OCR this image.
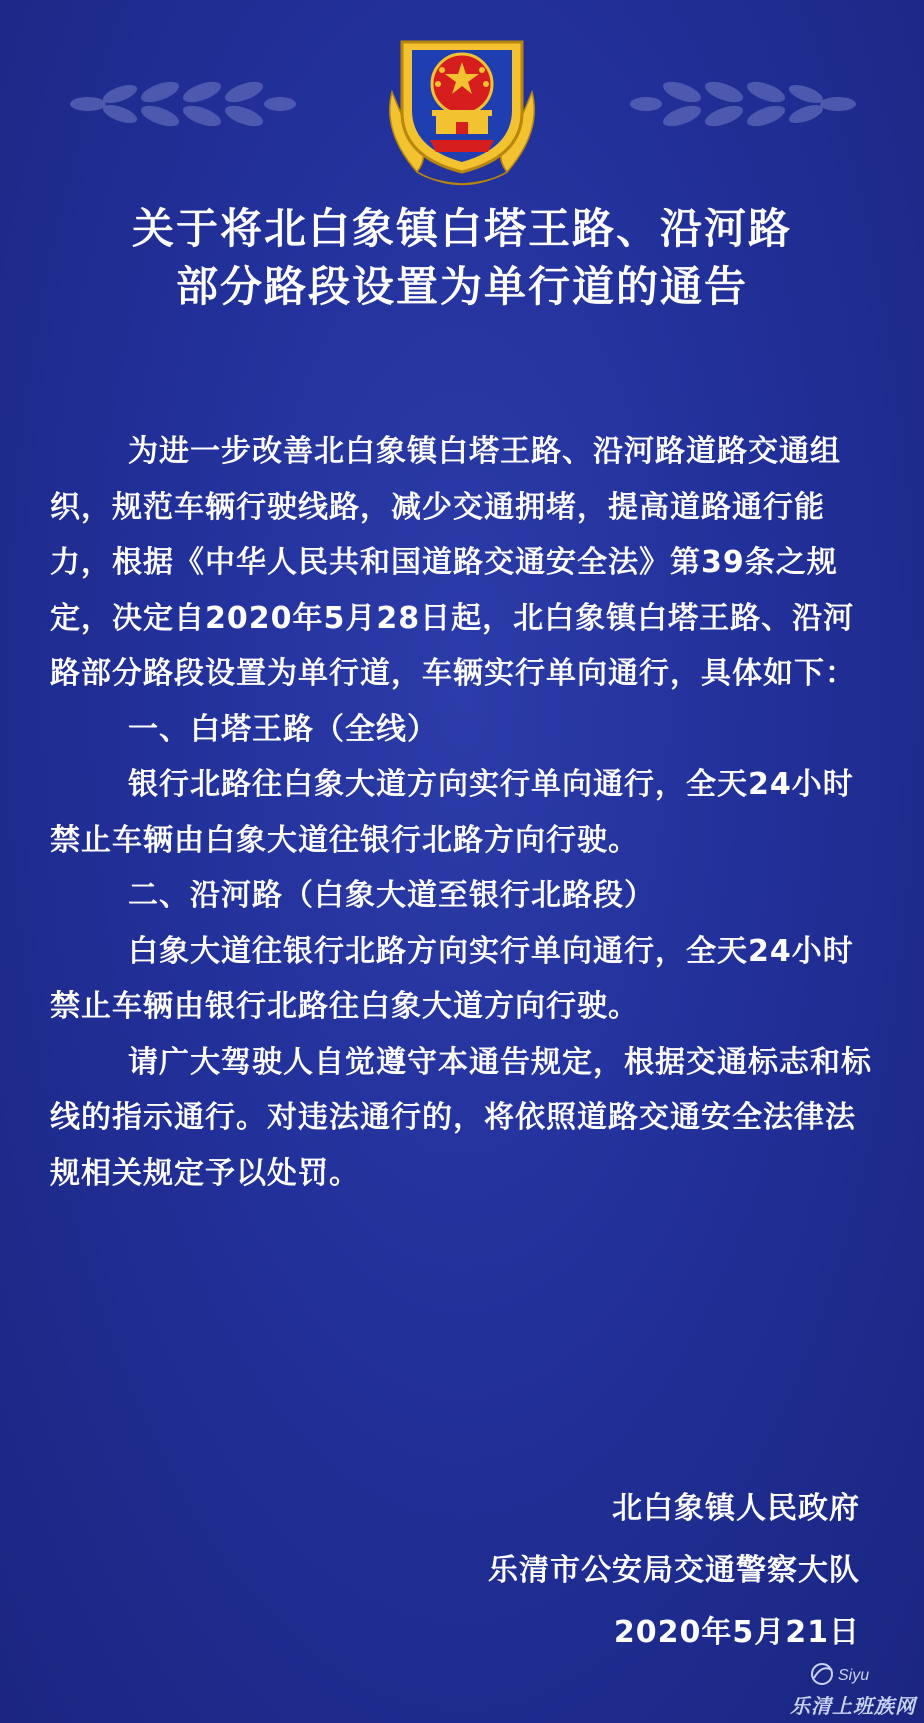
关于将北白象镇白塔王路、沿河路
部分路段设置为单行道的通告

为进一步改善北白象镇白塔王路、沿河路道路交通组织，规范车辆行驶线路，减少交通拥堵，提高道路通行能力，根据《中华人民共和国道路交通安全法》第39条之规定，决定自2020年5月28日起，北白象镇白塔王路、沿河路部分路段设置为单行道，车辆实行单向通行，具体如下：

一、白塔王路（全线）

银行北路往白象大道方向实行单向通行，全天24小时禁止车辆由白象大道往银行北路方向行驶。

二、沿河路（白象大道至银行北路段）

白象大道往银行北路方向实行单向通行，全天24小时禁止车辆由银行北路往白象大道方向行驶。

请广大驾驶人自觉遵守本通告规定，根据交通标志和标线的指示通行。对违法通行的，将依照道路交通安全法律法规相关规定予以处罚。

北白象镇人民政府
乐清市公安局交通警察大队
2020年5月21日
Siyu
乐清上班族网
